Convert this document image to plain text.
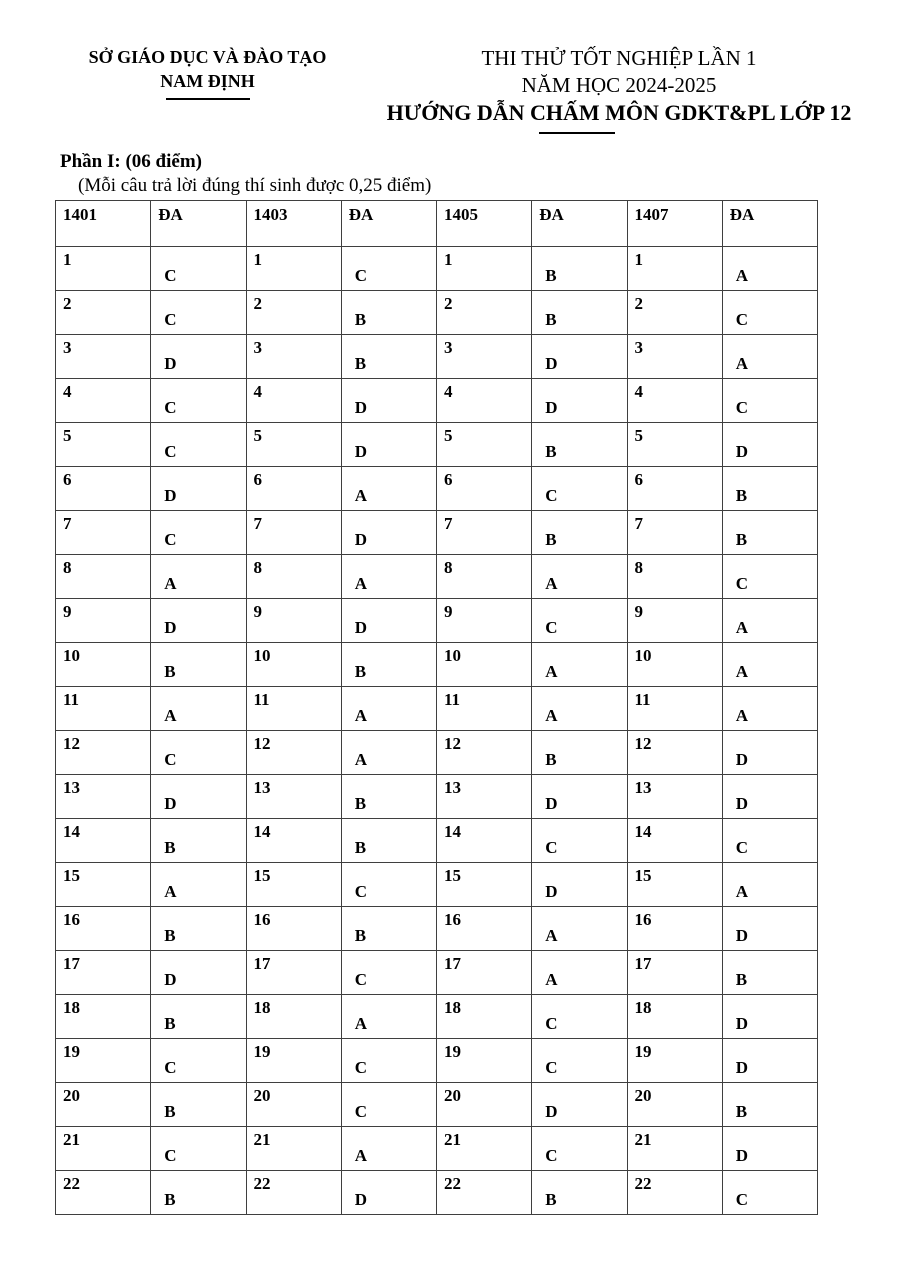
SỞ GIÁO DỤC VÀ ĐÀO TẠO
NAM ĐỊNH
THI THỬ TỐT NGHIỆP LẦN 1
NĂM HỌC 2024-2025
HƯỚNG DẪN CHẤM MÔN GDKT&PL LỚP 12
Phần I: (06 điểm)
(Mỗi câu trả lời đúng thí sinh được 0,25 điểm)
1401	ĐA	1403	ĐA	1405	ĐA	1407	ĐA
1	C	1	C	1	B	1	A
2	C	2	B	2	B	2	C
3	D	3	B	3	D	3	A
4	C	4	D	4	D	4	C
5	C	5	D	5	B	5	D
6	D	6	A	6	C	6	B
7	C	7	D	7	B	7	B
8	A	8	A	8	A	8	C
9	D	9	D	9	C	9	A
10	B	10	B	10	A	10	A
11	A	11	A	11	A	11	A
12	C	12	A	12	B	12	D
13	D	13	B	13	D	13	D
14	B	14	B	14	C	14	C
15	A	15	C	15	D	15	A
16	B	16	B	16	A	16	D
17	D	17	C	17	A	17	B
18	B	18	A	18	C	18	D
19	C	19	C	19	C	19	D
20	B	20	C	20	D	20	B
21	C	21	A	21	C	21	D
22	B	22	D	22	B	22	C
